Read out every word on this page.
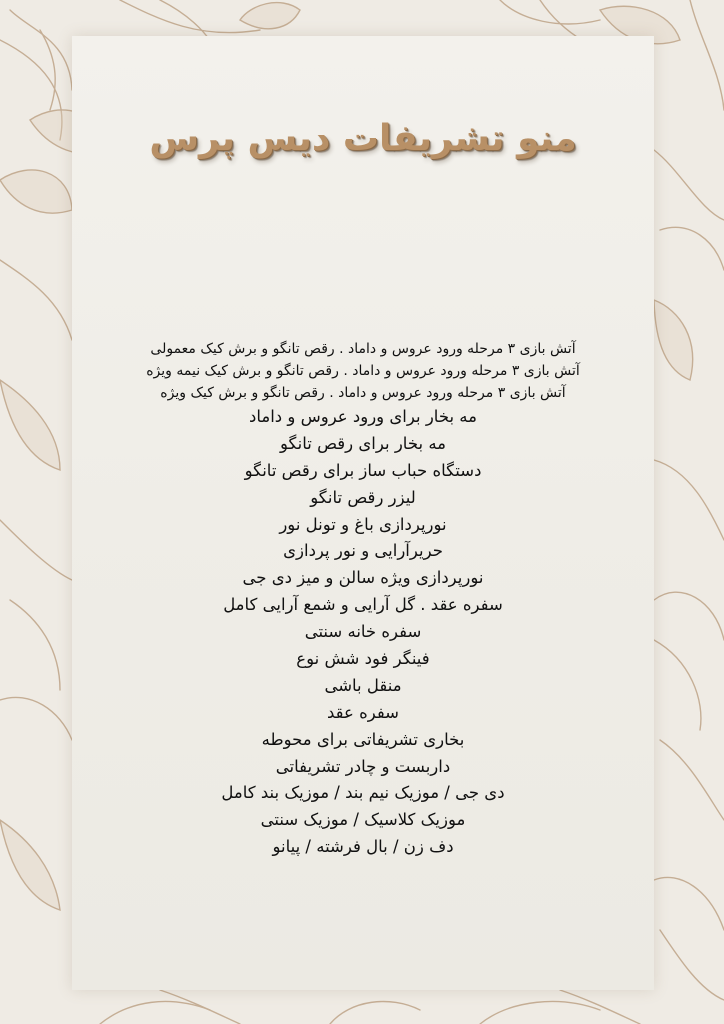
منو تشریفات دیس پرس
آتش بازی ۳ مرحله ورود عروس و داماد . رقص تانگو و برش کیک معمولی
آتش بازی ۳ مرحله ورود عروس و داماد . رقص تانگو و برش کیک نیمه ویژه
آتش بازی ۳ مرحله ورود عروس و داماد . رقص تانگو و برش کیک ویژه
مه بخار برای ورود عروس و داماد
مه بخار برای رقص تانگو
دستگاه حباب ساز برای رقص تانگو
لیزر رقص تانگو
نورپردازی باغ و تونل نور
حریرآرایی و نور پردازی
نورپردازی ویژه سالن و میز دی جی
سفره عقد . گل آرایی و شمع آرایی کامل
سفره خانه سنتی
فینگر فود شش نوع
منقل باشی
سفره عقد
بخاری تشریفاتی برای محوطه
داربست و چادر تشریفاتی
دی جی / موزیک نیم بند / موزیک بند کامل
موزیک کلاسیک / موزیک سنتی
دف زن / بال فرشته / پیانو
